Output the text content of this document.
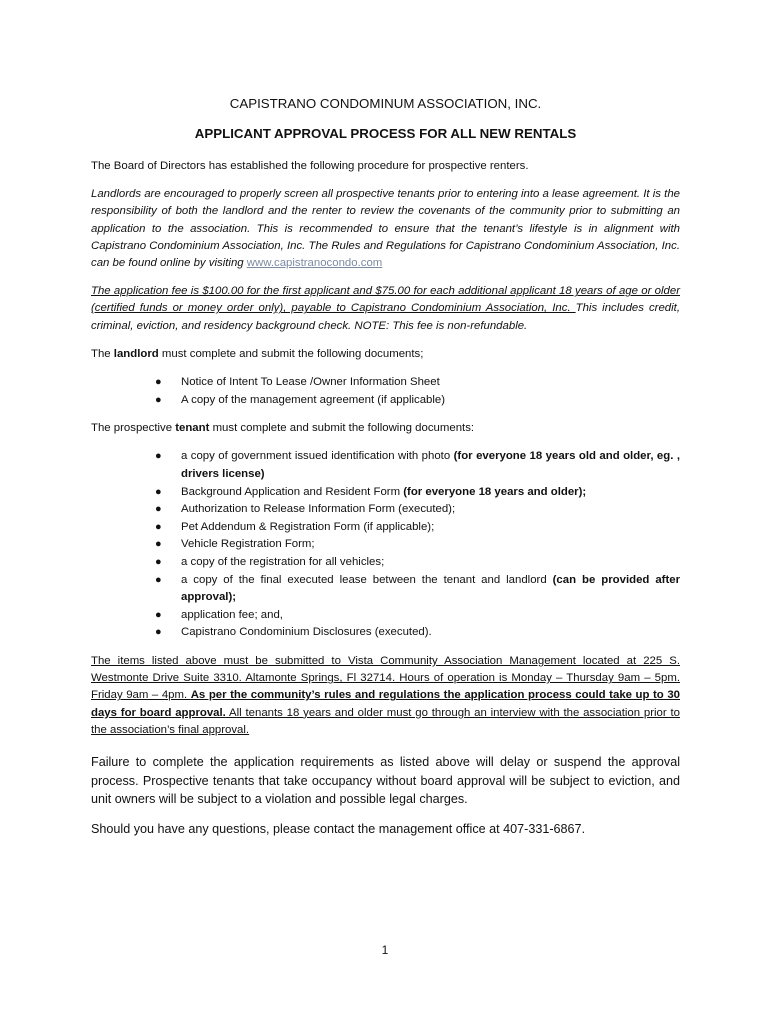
CAPISTRANO CONDOMINUM ASSOCIATION, INC.
APPLICANT APPROVAL PROCESS FOR ALL NEW RENTALS

The Board of Directors has established the following procedure for prospective renters.

Landlords are encouraged to properly screen all prospective tenants prior to entering into a lease agreement. It is the responsibility of both the landlord and the renter to review the covenants of the community prior to submitting an application to the association. This is recommended to ensure that the tenant’s lifestyle is in alignment with Capistrano Condominium Association, Inc. The Rules and Regulations for Capistrano Condominium Association, Inc. can be found online by visiting www.capistranocondo.com

The application fee is $100.00 for the first applicant and $75.00 for each additional applicant 18 years of age or older (certified funds or money order only), payable to Capistrano Condominium Association, Inc. This includes credit, criminal, eviction, and residency background check. NOTE: This fee is non-refundable.

The landlord must complete and submit the following documents;

● Notice of Intent To Lease /Owner Information Sheet
● A copy of the management agreement (if applicable)

The prospective tenant must complete and submit the following documents:

● a copy of government issued identification with photo (for everyone 18 years old and older, eg. , drivers license)
● Background Application and Resident Form (for everyone 18 years and older);
● Authorization to Release Information Form (executed);
● Pet Addendum & Registration Form (if applicable);
● Vehicle Registration Form;
● a copy of the registration for all vehicles;
● a copy of the final executed lease between the tenant and landlord (can be provided after approval);
● application fee; and,
● Capistrano Condominium Disclosures (executed).

The items listed above must be submitted to Vista Community Association Management located at 225 S. Westmonte Drive Suite 3310. Altamonte Springs, Fl 32714. Hours of operation is Monday – Thursday 9am – 5pm. Friday 9am – 4pm. As per the community’s rules and regulations the application process could take up to 30 days for board approval. All tenants 18 years and older must go through an interview with the association prior to the association’s final approval.

Failure to complete the application requirements as listed above will delay or suspend the approval process. Prospective tenants that take occupancy without board approval will be subject to eviction, and unit owners will be subject to a violation and possible legal charges.

Should you have any questions, please contact the management office at 407-331-6867.

1
